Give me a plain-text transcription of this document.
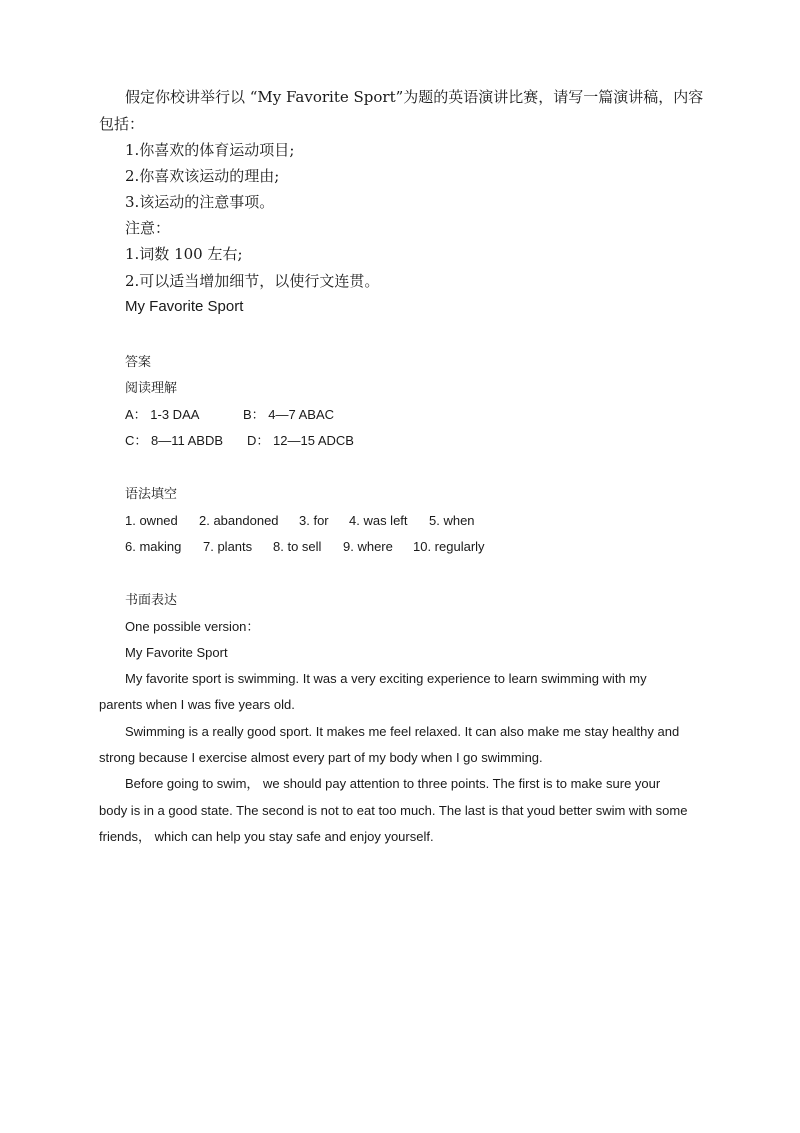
假定你校讲举行以 “My Favorite Sport”为题的英语演讲比赛，请写一篇演讲稿，内容
包括：
1.你喜欢的体育运动项目;
2.你喜欢该运动的理由;
3.该运动的注意事项。
注意：
1.词数 100 左右;
2.可以适当增加细节，以使行文连贯。
My Favorite Sport
答案
阅读理解
A： 1-3 DAA	B： 4—7 ABAC
C： 8—11 ABDB D： 12—15 ADCB
语法填空
1. owned 2. abandoned 3. for 4. was left 5. when
6. making 7. plants 8. to sell 9. where 10. regularly
书面表达
One possible version：
My Favorite Sport
My favorite sport is swimming. It was a very exciting experience to learn swimming with my
parents when I was five years old.
Swimming is a really good sport. It makes me feel relaxed. It can also make me stay healthy and
strong because I exercise almost every part of my body when I go swimming.
Before going to swim， we should pay attention to three points. The first is to make sure your
body is in a good state. The second is not to eat too much. The last is that youd better swim with some
friends， which can help you stay safe and enjoy yourself.
